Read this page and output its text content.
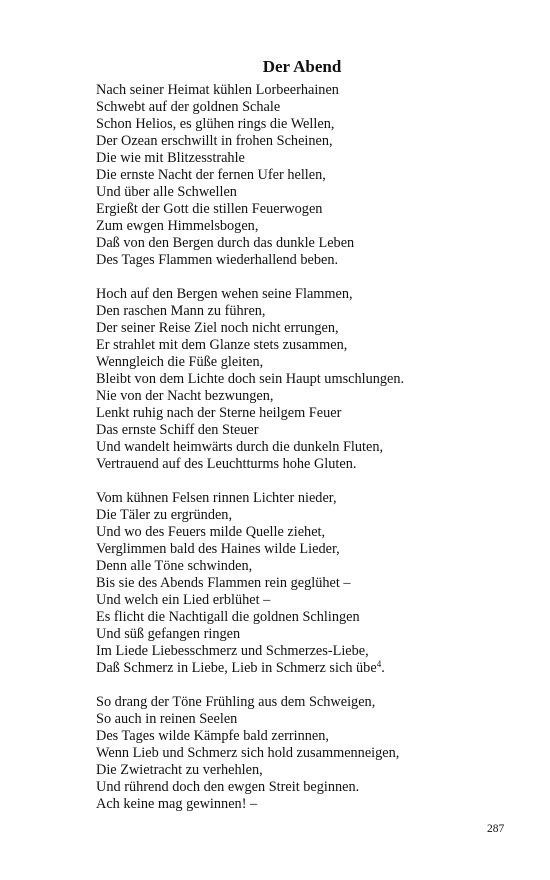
Der Abend
Nach seiner Heimat kühlen Lorbeerhainen
Schwebt auf der goldnen Schale
Schon Helios, es glühen rings die Wellen,
Der Ozean erschwillt in frohen Scheinen,
Die wie mit Blitzesstrahle
Die ernste Nacht der fernen Ufer hellen,
Und über alle Schwellen
Ergießt der Gott die stillen Feuerwogen
Zum ewgen Himmelsbogen,
Daß von den Bergen durch das dunkle Leben
Des Tages Flammen wiederhallend beben.
Hoch auf den Bergen wehen seine Flammen,
Den raschen Mann zu führen,
Der seiner Reise Ziel noch nicht errungen,
Er strahlet mit dem Glanze stets zusammen,
Wenngleich die Füße gleiten,
Bleibt von dem Lichte doch sein Haupt umschlungen.
Nie von der Nacht bezwungen,
Lenkt ruhig nach der Sterne heilgem Feuer
Das ernste Schiff den Steuer
Und wandelt heimwärts durch die dunkeln Fluten,
Vertrauend auf des Leuchtturms hohe Gluten.
Vom kühnen Felsen rinnen Lichter nieder,
Die Täler zu ergründen,
Und wo des Feuers milde Quelle ziehet,
Verglimmen bald des Haines wilde Lieder,
Denn alle Töne schwinden,
Bis sie des Abends Flammen rein geglühet –
Und welch ein Lied erblühet –
Es flicht die Nachtigall die goldnen Schlingen
Und süß gefangen ringen
Im Liede Liebesschmerz und Schmerzes-Liebe,
Daß Schmerz in Liebe, Lieb in Schmerz sich übe$^4$.
So drang der Töne Frühling aus dem Schweigen,
So auch in reinen Seelen
Des Tages wilde Kämpfe bald zerrinnen,
Wenn Lieb und Schmerz sich hold zusammenneigen,
Die Zwietracht zu verhehlen,
Und rührend doch den ewgen Streit beginnen.
Ach keine mag gewinnen! –
287
